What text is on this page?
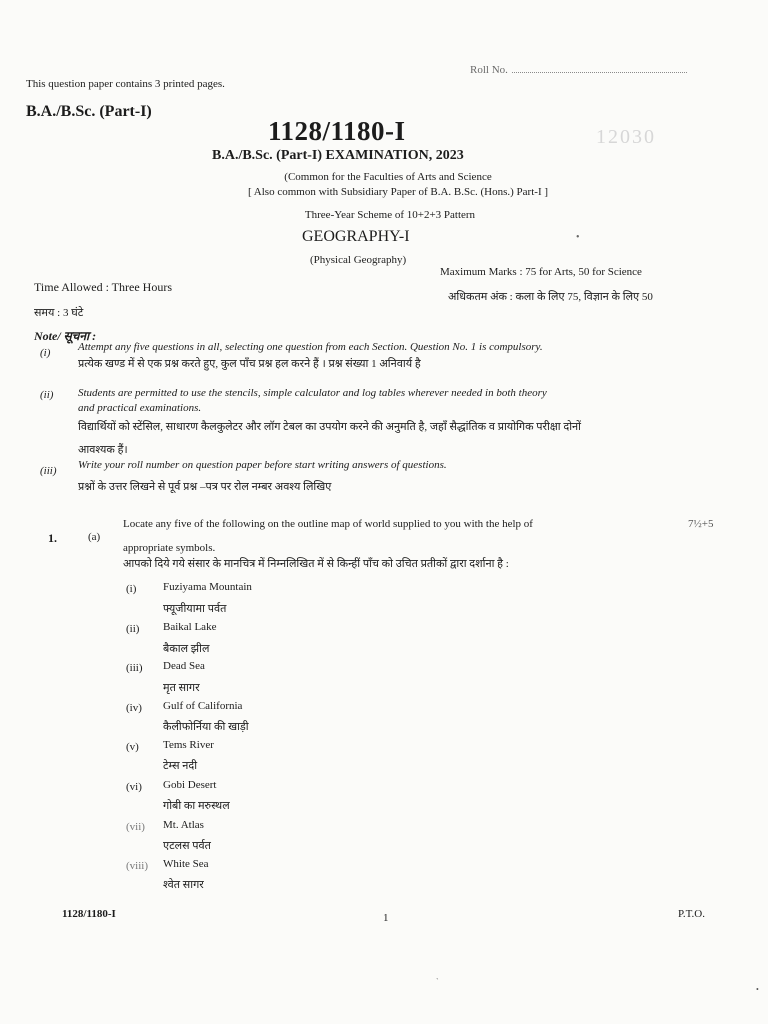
This question paper contains 3 printed pages.
Roll No.
B.A./B.Sc. (Part-I)
1128/1180-I	12030
B.A./B.Sc. (Part-I) EXAMINATION, 2023
(Common for the Faculties of Arts and Science
[ Also common with Subsidiary Paper of B.A. B.Sc. (Hons.) Part-I ]
Three-Year Scheme of 10+2+3 Pattern
GEOGRAPHY-I	•
(Physical Geography)
Time Allowed : Three Hours
Maximum Marks : 75 for Arts, 50 for Science
समय : 3 घंटे
अधिकतम अंक : कला के लिए 75, विज्ञान के लिए 50
Note/ सूचना :
(i)	Attempt any five questions in all, selecting one question from each Section. Question No. 1 is compulsory.
प्रत्येक खण्ड में से एक प्रश्न करते हुए, कुल पाँच प्रश्न हल करने हैं । प्रश्न संख्या 1 अनिवार्य है
(ii) Students are permitted to use the stencils, simple calculator and log tables wherever needed in both theory
and practical examinations.
विद्यार्थियों को स्टेंसिल, साधारण कैलकुलेटर और लॉग टेबल का उपयोग करने की अनुमति है, जहाँ सैद्धांतिक व प्रायोगिक परीक्षा दोनों
आवश्यक हैं।
(iii) Write your roll number on question paper before start writing answers of questions.
प्रश्नों के उत्तर लिखने से पूर्व प्रश्न –पत्र पर रोल नम्बर अवश्य लिखिए
1.	(a)
Locate any five of the following on the outline map of world supplied to you with the help of	7½+5
appropriate symbols.
आपको दिये गये संसार के मानचित्र में निम्नलिखित में से किन्हीं पाँच को उचित प्रतीकों द्वारा दर्शाना है :
(i) Fuziyama Mountain
फ्यूजीयामा पर्वत
(ii) Baikal Lake
बैकाल झील
(iii) Dead Sea
मृत सागर
(iv) Gulf of California
कैलीफोर्निया की खाड़ी
(v) Tems River
टेम्स नदी
(vi) Gobi Desert
गोबी का मरुस्थल
(vii) Mt. Atlas
एटलस पर्वत
(viii) White Sea
श्वेत सागर
1128/1180-I	1	P.T.O.
`
•
